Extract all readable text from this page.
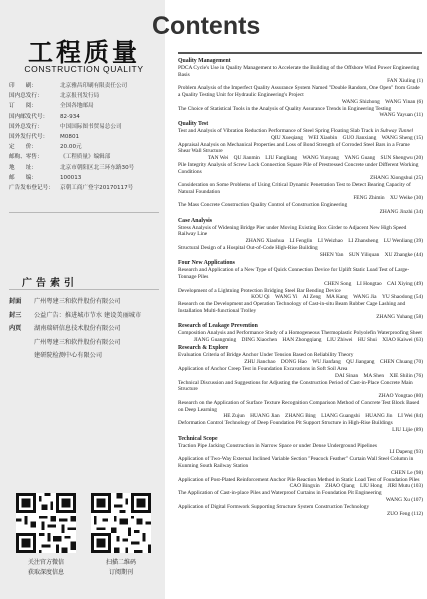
工程质量
CONSTRUCTION QUALITY
印　　刷：	北京雅昌印刷有限责任公司
国内总发行：	北京报刊发行局
订　　阅：	全国各地邮局
国内邮发代号：	82-934
国外总发行：	中国国际图书贸易总公司
国外发行代号：	M0801
定　　价：	20.00元
邮购、零售：	《工程质量》编辑部
地　　址：	北京市朝阳区北三环东路30号
邮　　编：	100013
广告发布登记号：	京朝工商广登字20170117号
广告索引
封面	广州粤建三和软件股份有限公司
封三	公益广告：推进城市节水 建设美丽城市
内页	湖南瑞研信息技术股份有限公司
广州粤建三和软件股份有限公司
建研院检测中心有限公司
关注官方微信
获取深度信息
扫描二维码
订阅期刊
Contents
Quality Management
PDCA Cycle's Use in Quality Management to Accelerate the Building of the Offshore Wind Power Engineering Basis
FAN Xiuling (1)
Problem Analysis of the Imperfect Quality Assurance System Named "Double Random, One Open" from Grade a Quality Testing Unit for Hydraulic Engineering's Project
WANG Shizhong　WANG Yinan (6)
The Choice of Statistical Tools in the Analysis of Quality Assurance Trends in Engineering Testing
WANG Yayuan (11)
Quality Test
Test and Analysis of Vibration Reduction Performance of Steel Spring Floating Slab Track in Subway Tunnel
QIU Xueqiang　WEI Xiaobin　GUO Jianxiang　WANG Sheng (15)
Appraisal Analysis on Mechanical Properties and Loss of Bond Strength of Corroded Steel Bars in a Frame Shear Wall Structure
TAN Wei　QU Jianmin　LIU Fangliang　WANG Yunyang　YANG Guang　SUN Shengwu (20)
Pile Integrity Analysis of Screw Lock Connection Square Pile of Prestressed Concrete under Different Working Conditions
ZHANG Xiongshui (25)
Consideration on Some Problems of Using Critical Dynamic Penetration Test to Detect Bearing Capacity of Natural Foundation
FENG Zhimin　XU Weike (30)
The Mass Concrete Construction Quality Control of Construction Engineering
ZHANG Jinzhi (34)
Case Analysis
Stress Analysis of Widening Bridge Pier under Moving Existing Box Girder to Adjacent New High Speed Railway Line
ZHANG Xiaohua　LI Fenglin　LI Weizhao　LI Zhansheng　LU Wenliang (39)
Structural Design of a Hospital Out-of-Code High-Rise Building
SHEN Yan　SUN Yiliquan　XU Zhangke (44)
Four New Applications
Research and Application of a New Type of Quick Connection Device for Uplift Static Load Test of Large-Tonnage Piles
CHEN Song　LI Hongtao　CAI Xiying (49)
Development of a Lightning Protection Bridging Steel Bar Bending Device
KOU Qi　WANG Yi　AI Zeng　MA Kang　WANG Jia　YU Shaodong (54)
Research on the Development and Operation Technology of Cast-in-situ Beam Rubber Cage Lashing and Installation Multi-functional Trolley
ZHANG Yuhang (58)
Research of Leakage Prevention
Composition Analysis and Performance Study of a Homogeneous Thermoplastic Polyolefin Waterproofing Sheet
JIANG Guangming　DING Xiaochen　HAN Zhongqiang　LIU Zhiwei　HU Shui　XIAO Kaiwei (63)
Research & Explore
Evaluation Criteria of Bridge Anchor Under Tension Based on Reliability Theory
ZHU Jianchao　DONG Hao　WU Jianfang　QU Jiangang　CHEN Chuang (70)
Application of Anchor Creep Test in Foundation Excavations in Soft Soil Area
DAI Sinan　MA Shen　XIE Shilin (76)
Technical Discussion and Suggestions for Adjusting the Construction Period of Cast-in-Place Concrete Main Structure
ZHAO Yongtao (80)
Research on the Application of Surface Texture Recognition Comparison Method of Concrete Test Block Based on Deep Learning
HE Zujun　HUANG Jian　ZHANG Bing　LIANG Guangshi　HUANG Jin　LI Wei (84)
Deformation Control Technology of Deep Foundation Pit Support Structure in High-Rise Buildings
LIU Lijie (89)
Technical Scope
Traction Pipe Jacking Construction in Narrow Space or under Dense Underground Pipelines
LI Dapeng (93)
Application of Two-Way External Inclined Variable Section "Peacock Feather" Curtain Wall Steel Column in Kunming South Railway Station
CHEN Le (98)
Application of Post-Plated Reinforcement Anchor Pile Reaction Method in Static Load Test of Foundation Piles
CAO Bingxin　ZHAO Qiang　LIU Hong　JIRI Mutu (103)
The Application of Cast-in-place Piles and Waterproof Curtains in Foundation Pit Engineering
WANG Xu (107)
Application of Digital Formwork Supporting Structure System Construction Technology
ZUO Feng (112)
